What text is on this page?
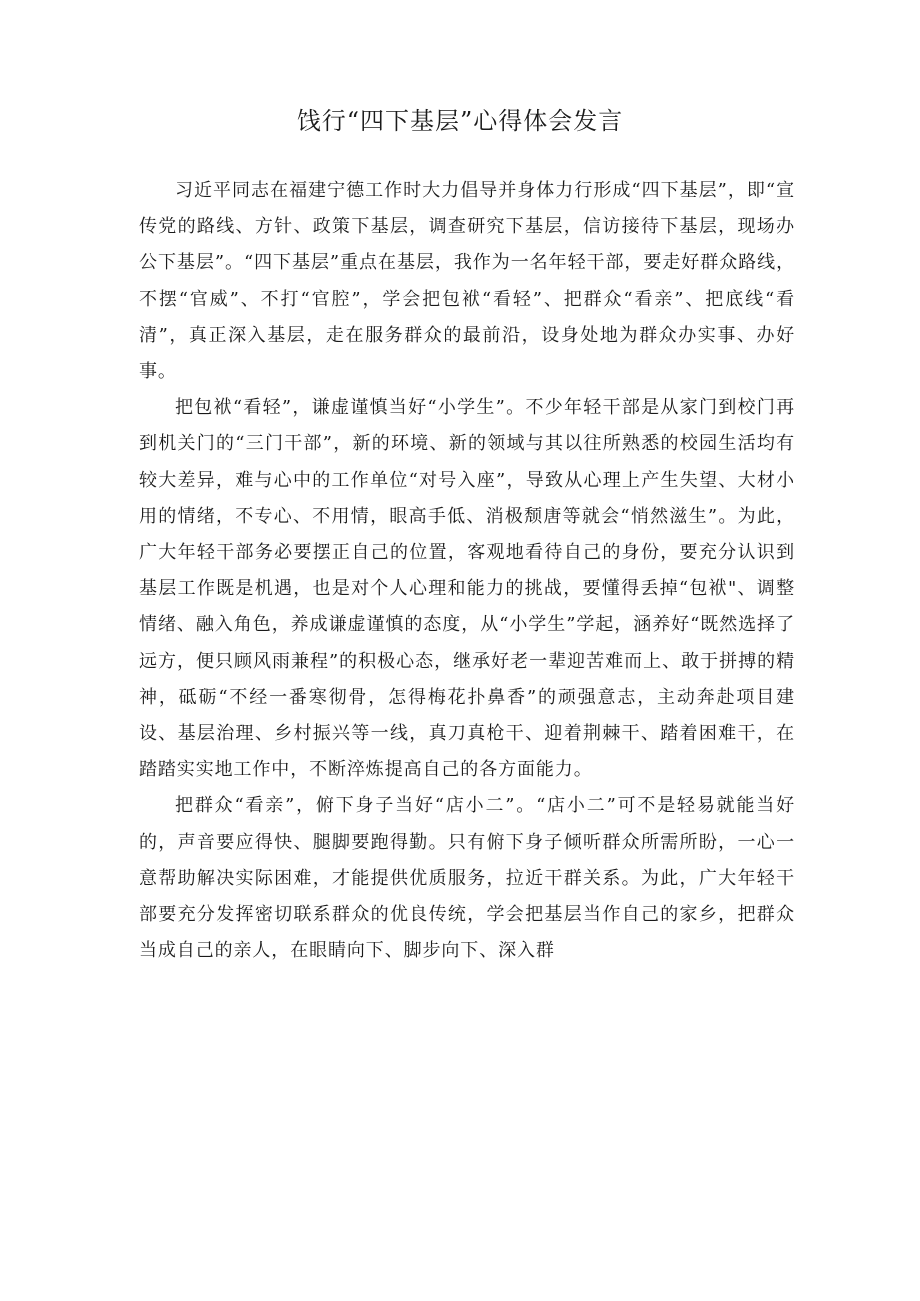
饯行“四下基层”心得体会发言

习近平同志在福建宁德工作时大力倡导并身体力行形成“四下基层”，即“宣传党的路线、方针、政策下基层，调查研究下基层，信访接待下基层，现场办公下基层”。“四下基层”重点在基层，我作为一名年轻干部，要走好群众路线，不摆“官威”、不打“官腔”，学会把包袱“看轻”、把群众“看亲”、把底线“看清”，真正深入基层，走在服务群众的最前沿，设身处地为群众办实事、办好事。

把包袱“看轻”，谦虚谨慎当好“小学生”。不少年轻干部是从家门到校门再到机关门的“三门干部”，新的环境、新的领域与其以往所熟悉的校园生活均有较大差异，难与心中的工作单位“对号入座”，导致从心理上产生失望、大材小用的情绪，不专心、不用情，眼高手低、消极颓唐等就会“悄然滋生”。为此，广大年轻干部务必要摆正自己的位置，客观地看待自己的身份，要充分认识到基层工作既是机遇，也是对个人心理和能力的挑战，要懂得丢掉“包袱"、调整情绪、融入角色，养成谦虚谨慎的态度，从“小学生”学起，涵养好“既然选择了远方，便只顾风雨兼程”的积极心态，继承好老一辈迎苦难而上、敢于拼搏的精神，砥砺“不经一番寒彻骨，怎得梅花扑鼻香”的顽强意志，主动奔赴项目建设、基层治理、乡村振兴等一线，真刀真枪干、迎着荆棘干、踏着困难干，在踏踏实实地工作中，不断淬炼提高自己的各方面能力。

把群众“看亲”，俯下身子当好“店小二”。“店小二”可不是轻易就能当好的，声音要应得快、腿脚要跑得勤。只有俯下身子倾听群众所需所盼，一心一意帮助解决实际困难，才能提供优质服务，拉近干群关系。为此，广大年轻干部要充分发挥密切联系群众的优良传统，学会把基层当作自己的家乡，把群众当成自己的亲人，在眼睛向下、脚步向下、深入群
